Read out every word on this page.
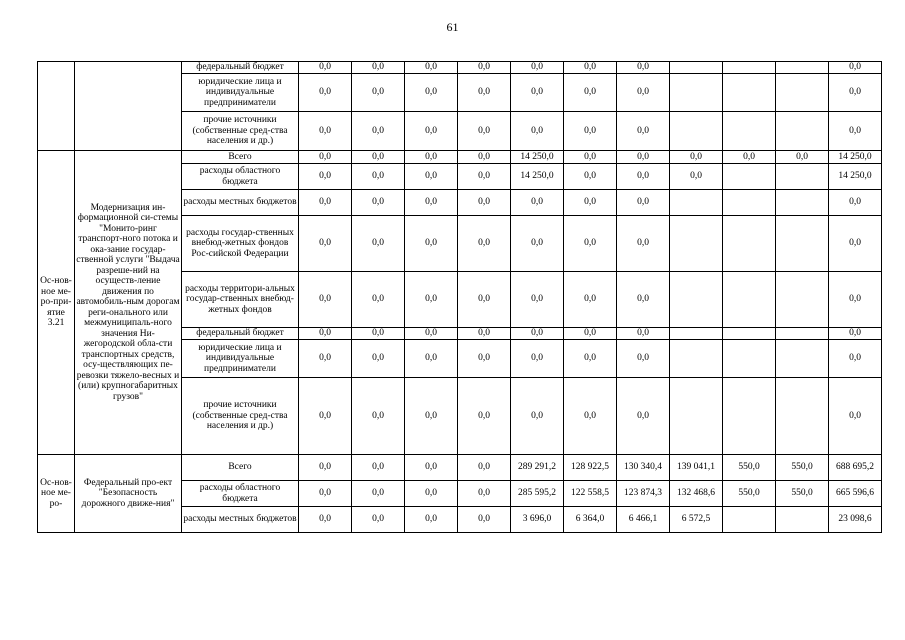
61
		федеральный бюджет	0,0	0,0	0,0	0,0	0,0	0,0	0,0				0,0
		юридические лица и индивидуальные предприниматели	0,0	0,0	0,0	0,0	0,0	0,0	0,0				0,0
		прочие источники (собственные сред-ства населения и др.)	0,0	0,0	0,0	0,0	0,0	0,0	0,0				0,0
Ос-нов-ное ме-ро-при-ятие 3.21	Модернизация ин-формационной си-стемы "Монито-ринг транспорт-ного потока и ока-зание государ-ственной услуги "Выдача разреше-ний на осуществ-ление движения по автомобиль-ным дорогам реги-онального или межмуниципаль-ного значения Ни-жегородской обла-сти транспортных средств, осу-ществляющих пе-ревозки тяжело-весных и (или) крупногабаритных грузов"	Всего	0,0	0,0	0,0	0,0	14 250,0	0,0	0,0	0,0	0,0	0,0	14 250,0
		расходы областного бюджета	0,0	0,0	0,0	0,0	14 250,0	0,0	0,0	0,0			14 250,0
		расходы местных бюджетов	0,0	0,0	0,0	0,0	0,0	0,0	0,0				0,0
		расходы государ-ственных внебюд-жетных фондов Рос-сийской Федерации	0,0	0,0	0,0	0,0	0,0	0,0	0,0				0,0
		расходы территори-альных государ-ственных внебюд-жетных фондов	0,0	0,0	0,0	0,0	0,0	0,0	0,0				0,0
		федеральный бюджет	0,0	0,0	0,0	0,0	0,0	0,0	0,0				0,0
		юридические лица и индивидуальные предприниматели	0,0	0,0	0,0	0,0	0,0	0,0	0,0				0,0
		прочие источники (собственные сред-ства населения и др.)	0,0	0,0	0,0	0,0	0,0	0,0	0,0				0,0
Ос-нов-ное ме-ро-	Федеральный про-ект "Безопасность дорожного движе-ния"	Всего	0,0	0,0	0,0	0,0	289 291,2	128 922,5	130 340,4	139 041,1	550,0	550,0	688 695,2
		расходы областного бюджета	0,0	0,0	0,0	0,0	285 595,2	122 558,5	123 874,3	132 468,6	550,0	550,0	665 596,6
		расходы местных бюджетов	0,0	0,0	0,0	0,0	3 696,0	6 364,0	6 466,1	6 572,5			23 098,6
